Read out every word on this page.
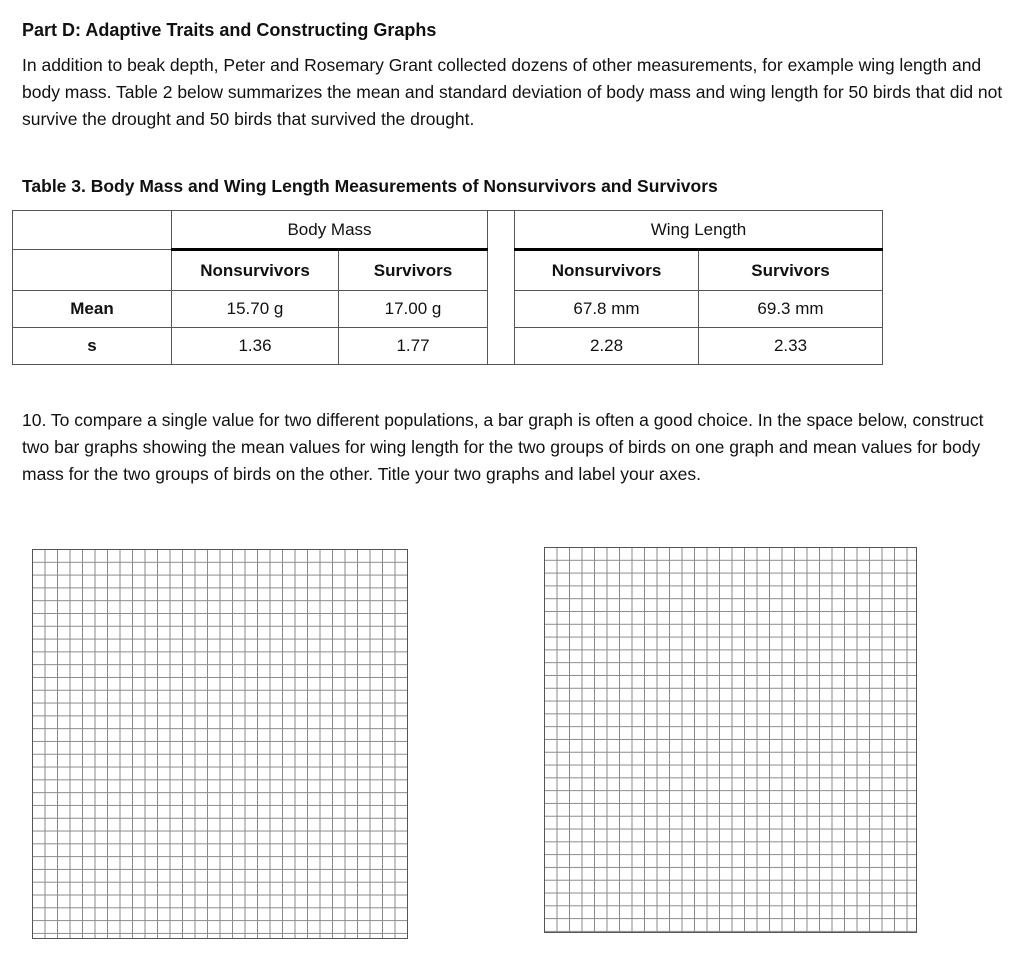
Part D: Adaptive Traits and Constructing Graphs
In addition to beak depth, Peter and Rosemary Grant collected dozens of other measurements, for example wing length and body mass. Table 2 below summarizes the mean and standard deviation of body mass and wing length for 50 birds that did not survive the drought and 50 birds that survived the drought.
Table 3. Body Mass and Wing Length Measurements of Nonsurvivors and Survivors
	Body Mass			Wing Length	
	Nonsurvivors	Survivors		Nonsurvivors	Survivors
Mean	15.70 g	17.00 g		67.8 mm	69.3 mm
s	1.36	1.77		2.28	2.33
10. To compare a single value for two different populations, a bar graph is often a good choice. In the space below, construct two bar graphs showing the mean values for wing length for the two groups of birds on one graph and mean values for body mass for the two groups of birds on the other. Title your two graphs and label your axes.
